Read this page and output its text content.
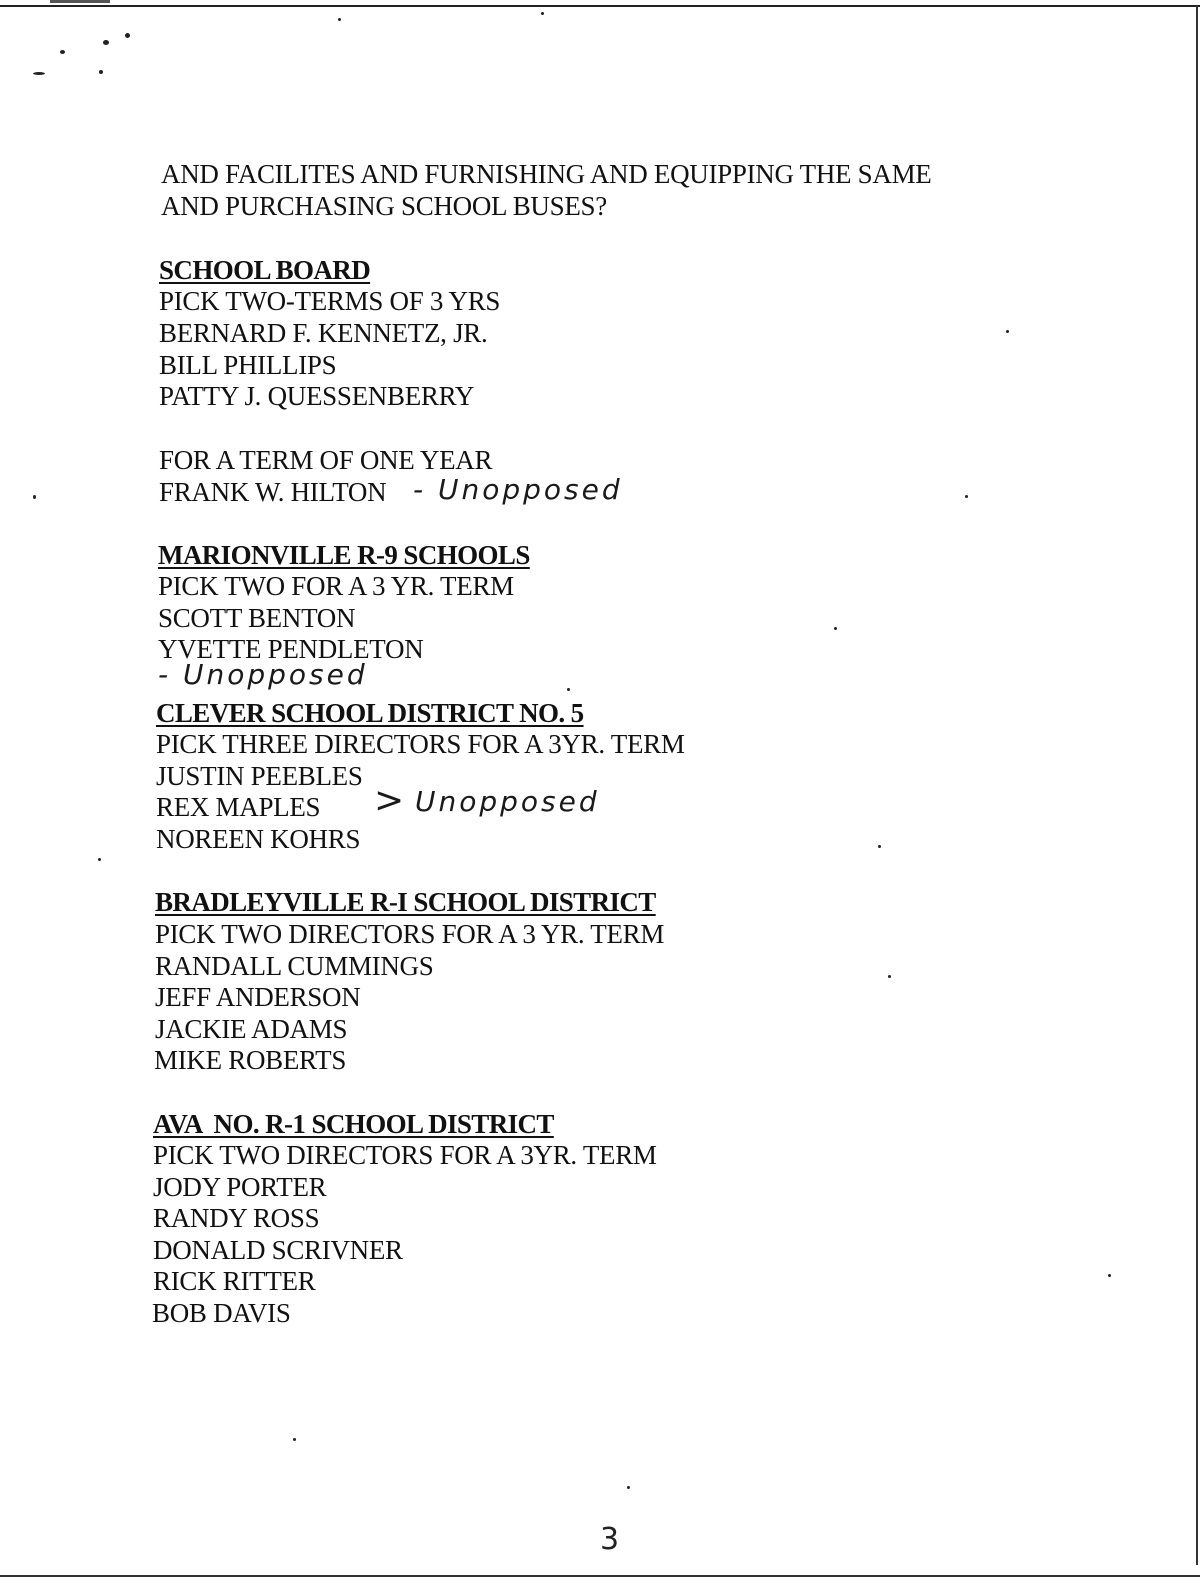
AND FACILITES AND FURNISHING AND EQUIPPING THE SAME
AND PURCHASING SCHOOL BUSES?
SCHOOL BOARD
PICK TWO-TERMS OF 3 YRS
BERNARD F. KENNETZ, JR.
BILL PHILLIPS
PATTY J. QUESSENBERRY
FOR A TERM OF ONE YEAR
FRANK W. HILTON - Unopposed
MARIONVILLE R-9 SCHOOLS
PICK TWO FOR A 3 YR. TERM
SCOTT BENTON
YVETTE PENDLETON
- Unopposed
CLEVER SCHOOL DISTRICT NO. 5
PICK THREE DIRECTORS FOR A 3YR. TERM
JUSTIN PEEBLES
REX MAPLES
NOREEN KOHRS
> Unopposed
BRADLEYVILLE R-I SCHOOL DISTRICT
PICK TWO DIRECTORS FOR A 3 YR. TERM
RANDALL CUMMINGS
JEFF ANDERSON
JACKIE ADAMS
MIKE ROBERTS
AVA  NO. R-1 SCHOOL DISTRICT
PICK TWO DIRECTORS FOR A 3YR. TERM
JODY PORTER
RANDY ROSS
DONALD SCRIVNER
RICK RITTER
BOB DAVIS
3
